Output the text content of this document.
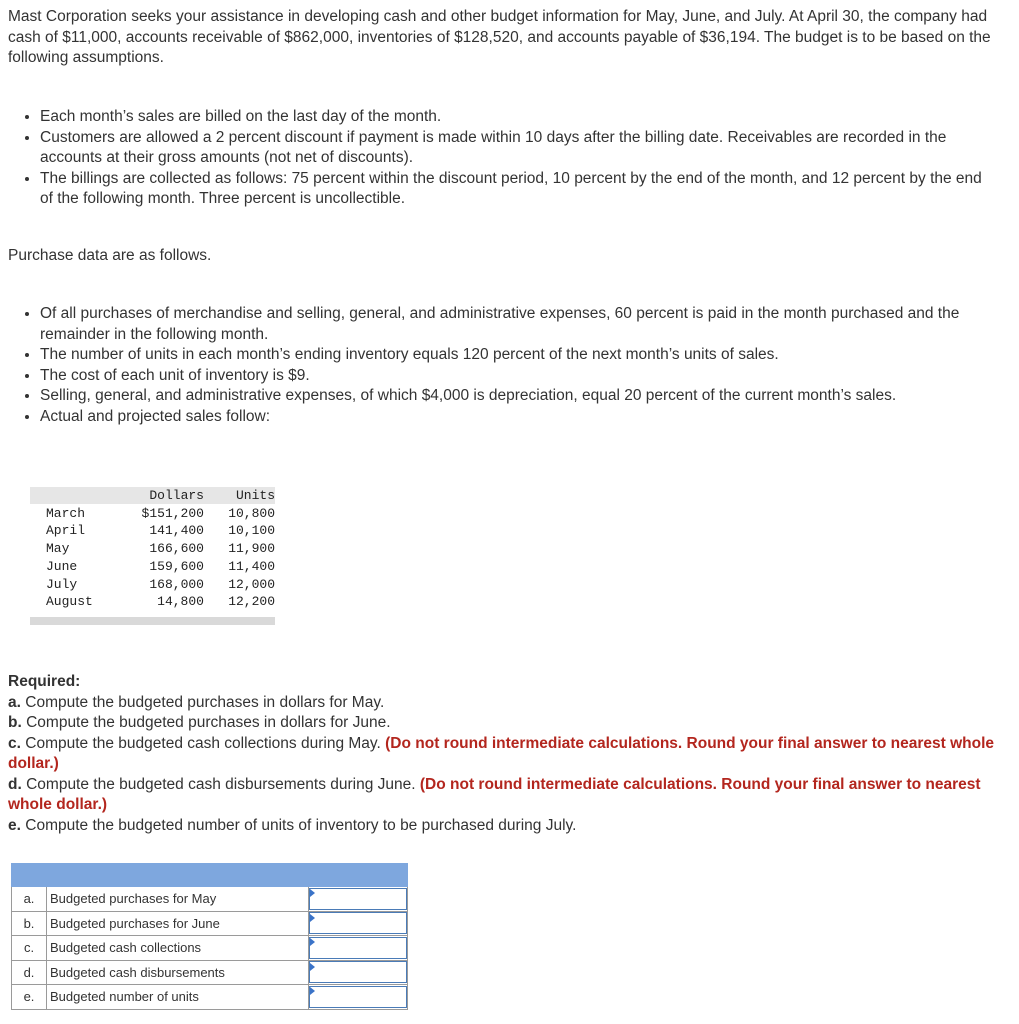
Mast Corporation seeks your assistance in developing cash and other budget information for May, June, and July. At April 30, the company had cash of $11,000, accounts receivable of $862,000, inventories of $128,520, and accounts payable of $36,194. The budget is to be based on the following assumptions.

• Each month’s sales are billed on the last day of the month.
• Customers are allowed a 2 percent discount if payment is made within 10 days after the billing date. Receivables are recorded in the accounts at their gross amounts (not net of discounts).
• The billings are collected as follows: 75 percent within the discount period, 10 percent by the end of the month, and 12 percent by the end of the following month. Three percent is uncollectible.

Purchase data are as follows.

• Of all purchases of merchandise and selling, general, and administrative expenses, 60 percent is paid in the month purchased and the remainder in the following month.
• The number of units in each month’s ending inventory equals 120 percent of the next month’s units of sales.
• The cost of each unit of inventory is $9.
• Selling, general, and administrative expenses, of which $4,000 is depreciation, equal 20 percent of the current month’s sales.
• Actual and projected sales follow:
	Dollars	Units
March	$151,200	10,800
April	141,400	10,100
May	166,600	11,900
June	159,600	11,400
July	168,000	12,000
August	14,800	12,200
Required:
a. Compute the budgeted purchases in dollars for May.
b. Compute the budgeted purchases in dollars for June.
c. Compute the budgeted cash collections during May. (Do not round intermediate calculations. Round your final answer to nearest whole dollar.)
d. Compute the budgeted cash disbursements during June. (Do not round intermediate calculations. Round your final answer to nearest whole dollar.)
e. Compute the budgeted number of units of inventory to be purchased during July.

a.	Budgeted purchases for May	

b.	Budgeted purchases for June	

c.	Budgeted cash collections	

d.	Budgeted cash disbursements	

e.	Budgeted number of units	
